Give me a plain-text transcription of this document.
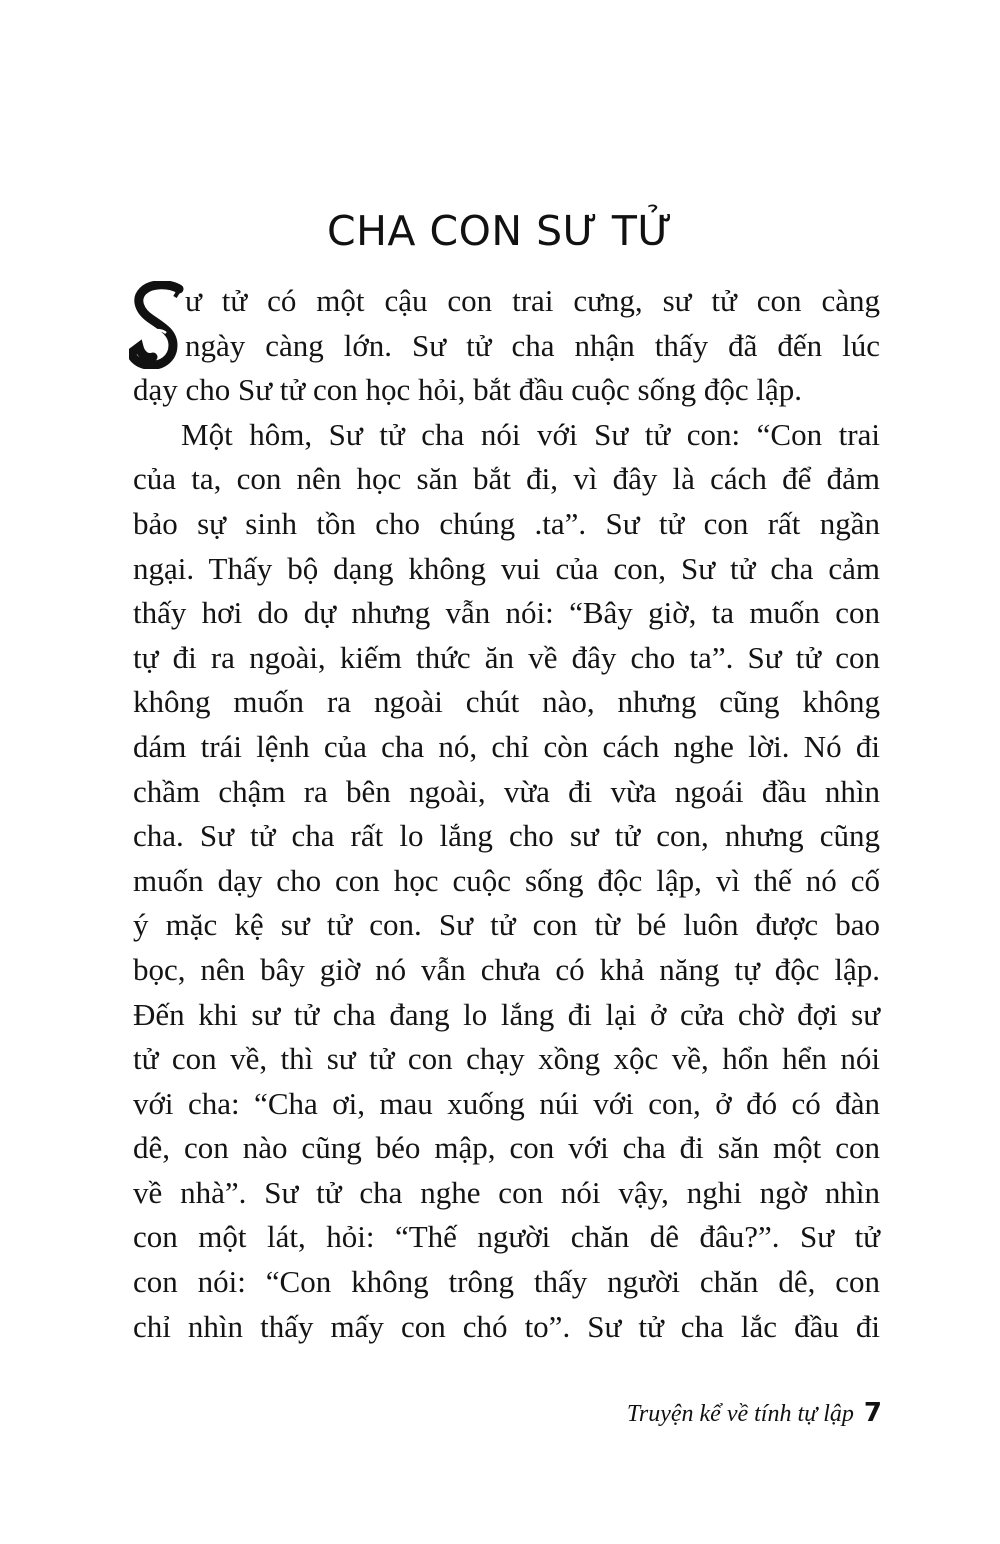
CHA CON SƯ TỬ
ư tử có một cậu con trai cưng, sư tử con càng
ngày càng lớn. Sư tử cha nhận thấy đã đến lúc
dạy cho Sư tử con học hỏi, bắt đầu cuộc sống độc lập.
Một hôm, Sư tử cha nói với Sư tử con: “Con trai
của ta, con nên học săn bắt đi, vì đây là cách để đảm
bảo sự sinh tồn cho chúng .ta”. Sư tử con rất ngần
ngại. Thấy bộ dạng không vui của con, Sư tử cha cảm
thấy hơi do dự nhưng vẫn nói: “Bây giờ, ta muốn con
tự đi ra ngoài, kiếm thức ăn về đây cho ta”. Sư tử con
không muốn ra ngoài chút nào, nhưng cũng không
dám trái lệnh của cha nó, chỉ còn cách nghe lời. Nó đi
chầm chậm ra bên ngoài, vừa đi vừa ngoái đầu nhìn
cha. Sư tử cha rất lo lắng cho sư tử con, nhưng cũng
muốn dạy cho con học cuộc sống độc lập, vì thế nó cố
ý mặc kệ sư tử con. Sư tử con từ bé luôn được bao
bọc, nên bây giờ nó vẫn chưa có khả năng tự độc lập.
Đến khi sư tử cha đang lo lắng đi lại ở cửa chờ đợi sư
tử con về, thì sư tử con chạy xồng xộc về, hổn hển nói
với cha: “Cha ơi, mau xuống núi với con, ở đó có đàn
dê, con nào cũng béo mập, con với cha đi săn một con
về nhà”. Sư tử cha nghe con nói vậy, nghi ngờ nhìn
con một lát, hỏi: “Thế người chăn dê đâu?”. Sư tử
con nói: “Con không trông thấy người chăn dê, con
chỉ nhìn thấy mấy con chó to”. Sư tử cha lắc đầu đi
Truyện kể về tính tự lập 7
